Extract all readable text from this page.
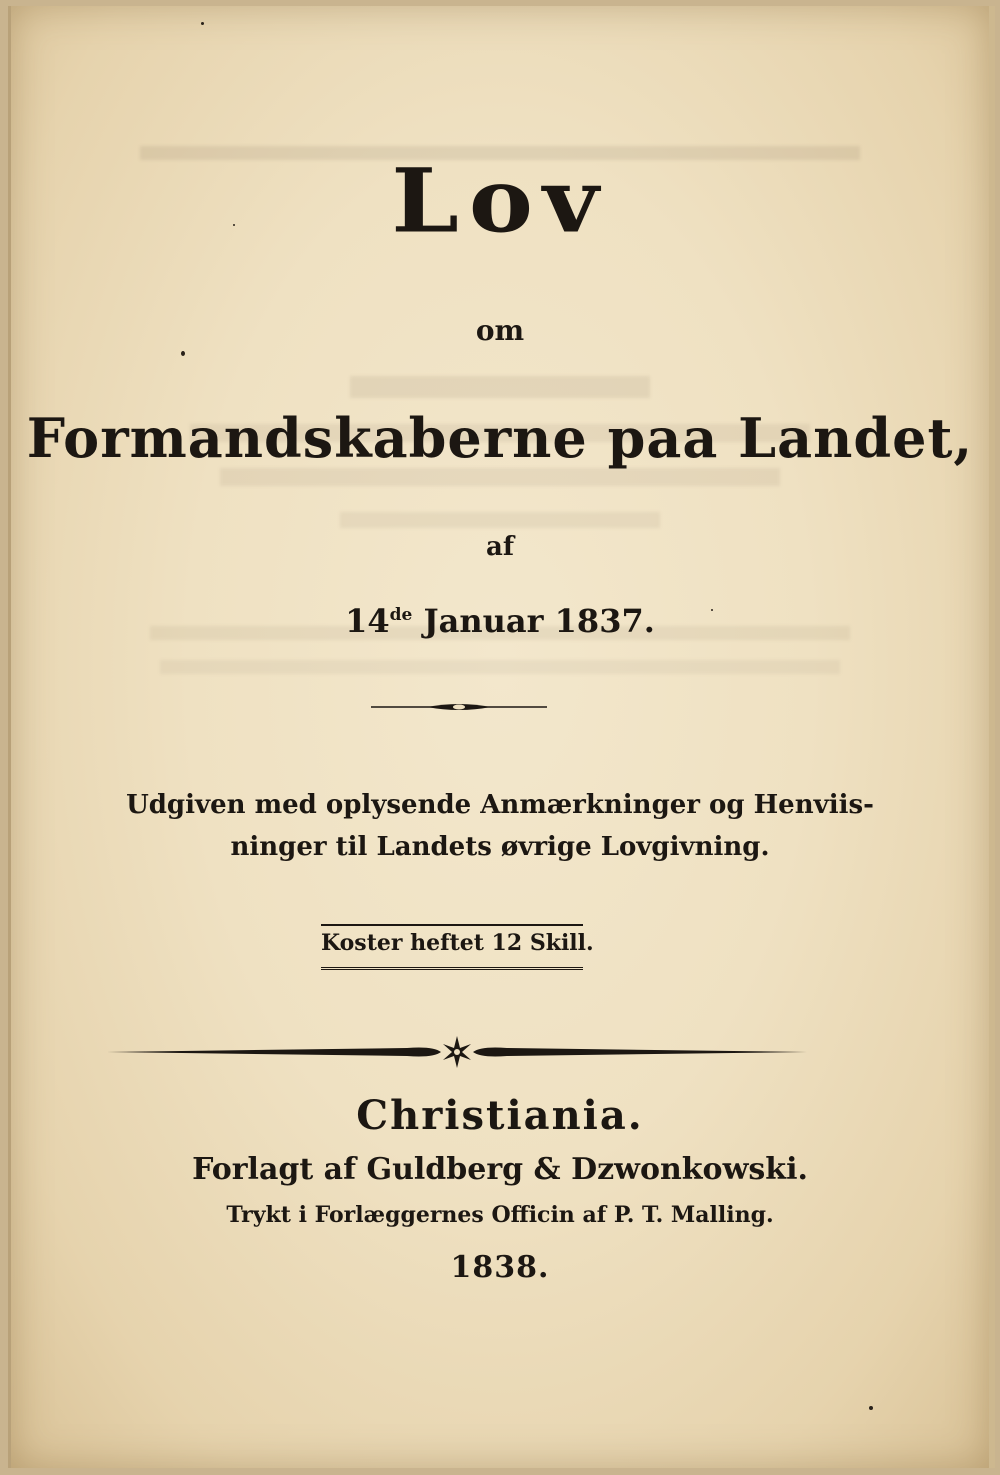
Lov
om
Formandskaberne paa Landet,
af
14de Januar 1837.
Udgiven med oplysende Anmærkninger og Henviis-
ninger til Landets øvrige Lovgivning.
Koster heftet 12 Skill.
Christiania.
Forlagt af Guldberg & Dzwonkowski.
Trykt i Forlæggernes Officin af P. T. Malling.
1838.
